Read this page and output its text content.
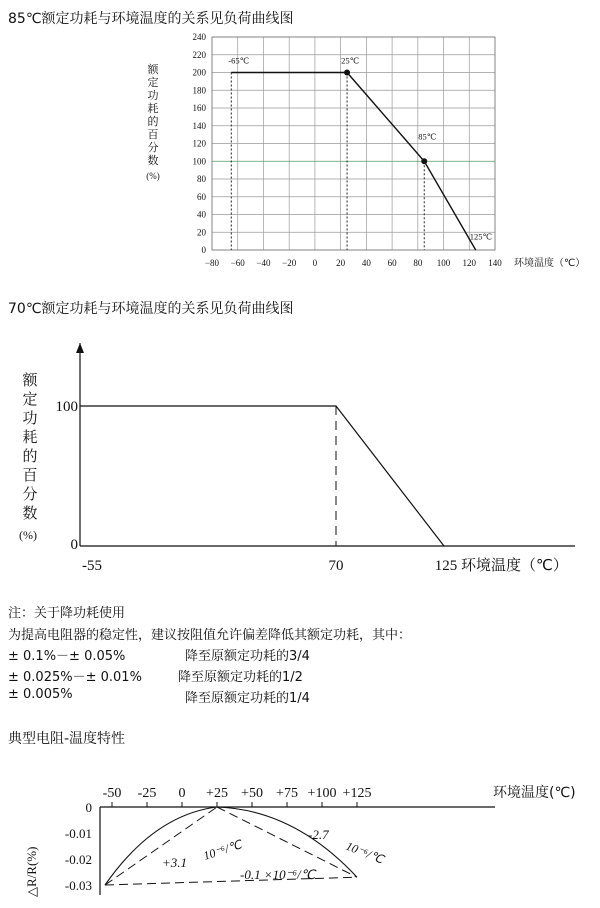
85℃额定功耗与环境温度的关系见负荷曲线图
−80 −60 −40 −20 0 20 40 60 80 100 120 140
0
20
40
60
80
100
120
140
160
180
200
220
240
额
定
功
耗
的
百
分
数
(%)
环境温度（℃）
-65℃	25℃
85℃
125℃
70℃额定功耗与环境温度的关系见负荷曲线图
额
定
功
耗
的
百
分
数
(%)
100
0
-55	70	125 环境温度（℃）
注：关于降功耗使用
为提高电阻器的稳定性，建议按阻值允许偏差降低其额定功耗，其中：
± 0.1%－± 0.05%	降至原额定功耗的3/4
± 0.025%－± 0.01%	降至原额定功耗的1/2
± 0.005%	降至原额定功耗的1/4
典型电阻-温度特性
-50 -25 0 +25 +50 +75 +100 +125	环境温度(℃)
0
-0.01
-0.02
-0.03
△R/R(%)	+3.1 10⁻⁶/℃
-2.7
10⁻⁶/℃
-0.1 ×10⁻⁶/℃
